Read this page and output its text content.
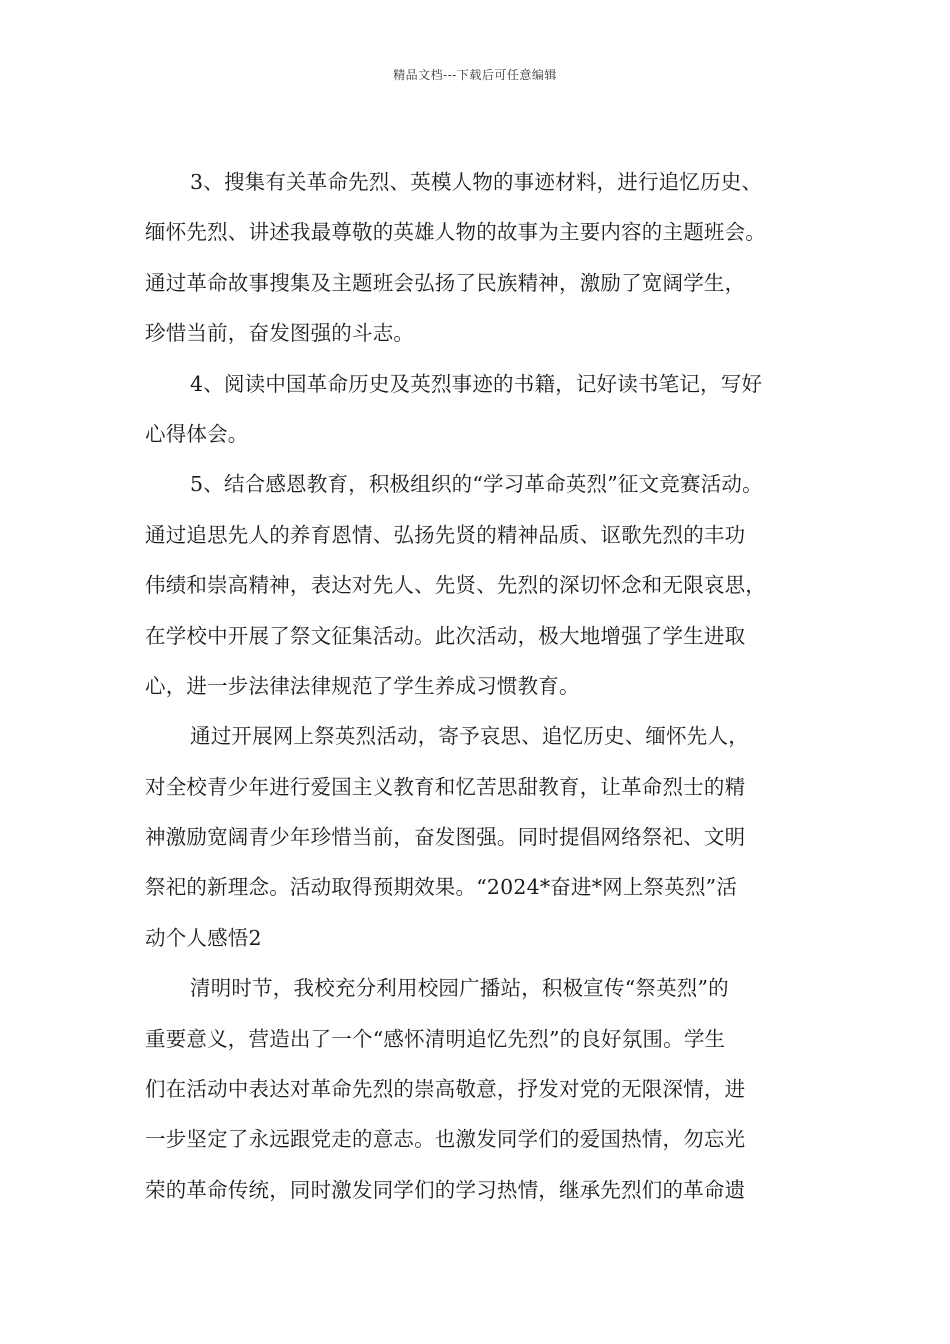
精品文档---下载后可任意编辑
3、搜集有关革命先烈、英模人物的事迹材料，进行追忆历史、
缅怀先烈、讲述我最尊敬的英雄人物的故事为主要内容的主题班会。
通过革命故事搜集及主题班会弘扬了民族精神，激励了宽阔学生，
珍惜当前，奋发图强的斗志。
4、阅读中国革命历史及英烈事迹的书籍，记好读书笔记，写好
心得体会。
5、结合感恩教育，积极组织的“学习革命英烈”征文竞赛活动。
通过追思先人的养育恩情、弘扬先贤的精神品质、讴歌先烈的丰功
伟绩和崇高精神，表达对先人、先贤、先烈的深切怀念和无限哀思，
在学校中开展了祭文征集活动。此次活动，极大地增强了学生进取
心，进一步法律法律规范了学生养成习惯教育。
通过开展网上祭英烈活动，寄予哀思、追忆历史、缅怀先人，
对全校青少年进行爱国主义教育和忆苦思甜教育，让革命烈士的精
神激励宽阔青少年珍惜当前，奋发图强。同时提倡网络祭祀、文明
祭祀的新理念。活动取得预期效果。“2024*奋进*网上祭英烈”活
动个人感悟2
清明时节，我校充分利用校园广播站，积极宣传“祭英烈”的
重要意义，营造出了一个“感怀清明追忆先烈”的良好氛围。学生
们在活动中表达对革命先烈的崇高敬意，抒发对党的无限深情，进
一步坚定了永远跟党走的意志。也激发同学们的爱国热情，勿忘光
荣的革命传统，同时激发同学们的学习热情，继承先烈们的革命遗
